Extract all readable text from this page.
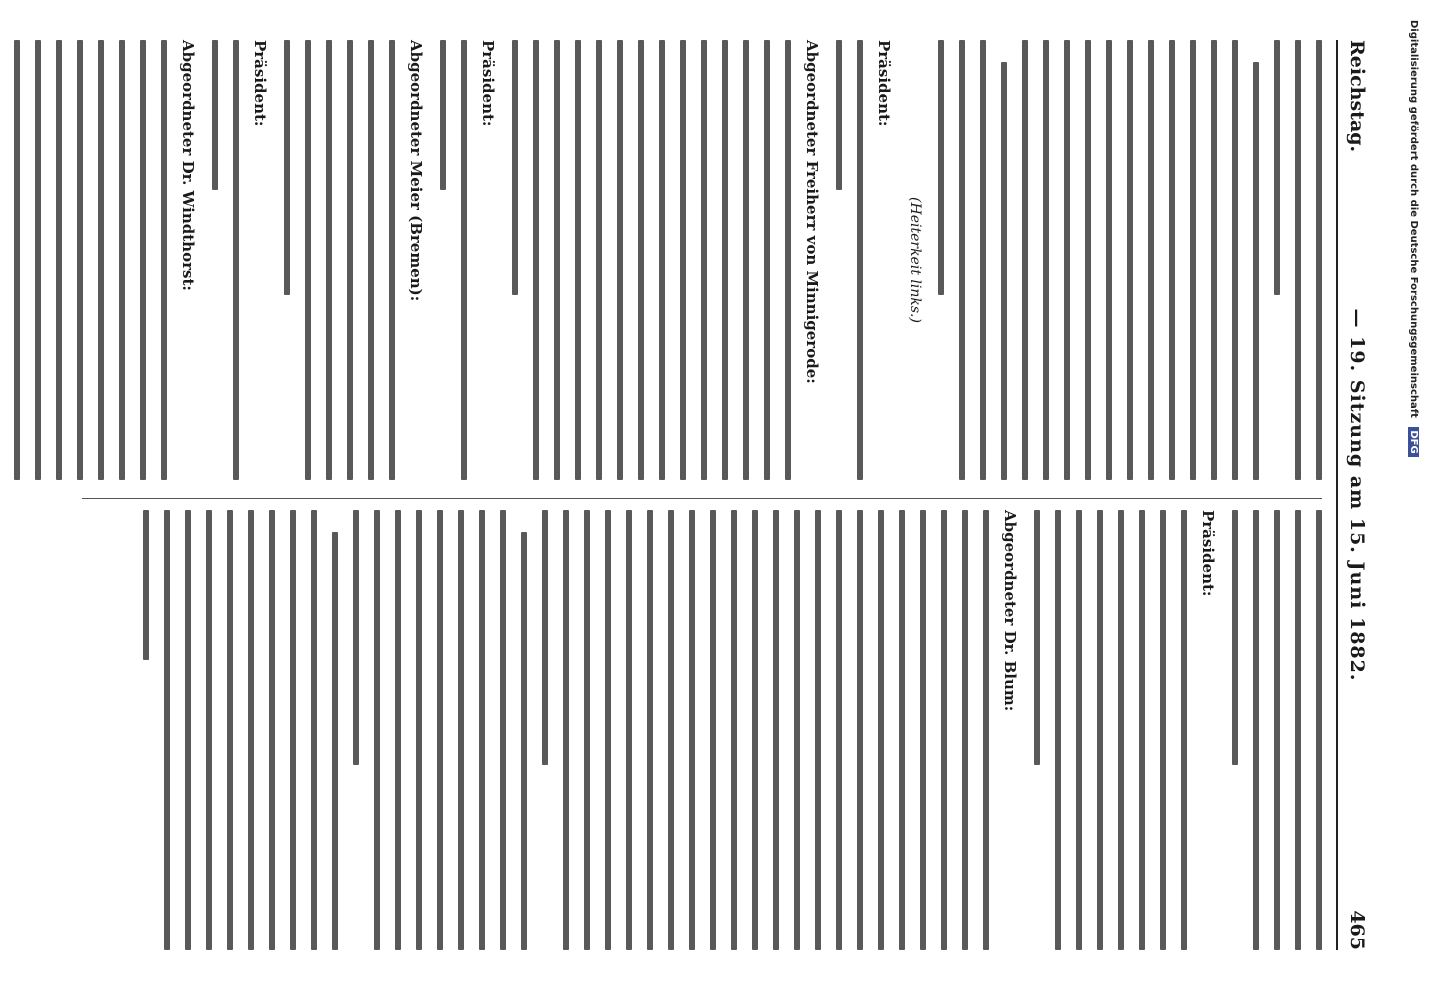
Reichstag.
— 19. Sitzung am 15. Juni 1882.
465
(Heiterkeit links.)
Präsident:
Abgeordneter Freiherr von Minnigerode:
Präsident:
Abgeordneter Meier (Bremen):
Präsident:
Abgeordneter Dr. Windthorst:
Präsident:
Abgeordneter Dr. Blum:
Digitalisierung gefördert durch die Deutsche Forschungsgemeinschaft DFG
